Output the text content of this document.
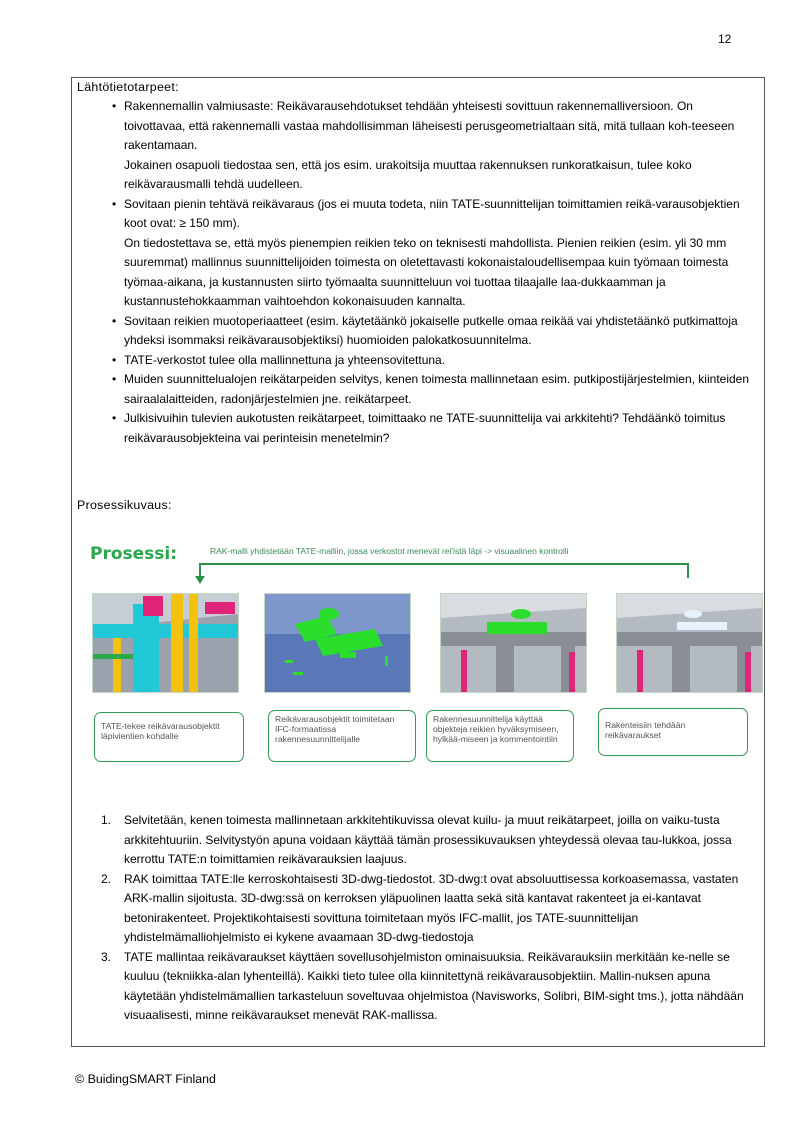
12
Lähtötietotarpeet:

• Rakennemallin valmiusaste: Reikävarausehdotukset tehdään yhteisesti sovittuun rakennemalliversioon. On toivottavaa, että rakennemalli vastaa mahdollisimman läheisesti perusgeometrialtaan sitä, mitä tullaan koh-teeseen rakentamaan.

Jokainen osapuoli tiedostaa sen, että jos esim. urakoitsija muuttaa rakennuksen runkoratkaisun, tulee koko reikävarausmalli tehdä uudelleen.

• Sovitaan pienin tehtävä reikävaraus (jos ei muuta todeta, niin TATE-suunnittelijan toimittamien reikä-varausobjektien koot ovat: ≥ 150 mm).

On tiedostettava se, että myös pienempien reikien teko on teknisesti mahdollista. Pienien reikien (esim. yli 30 mm suuremmat) mallinnus suunnittelijoiden toimesta on oletettavasti kokonaistaloudellisempaa kuin työmaan toimesta työmaa-aikana, ja kustannusten siirto työmaalta suunnitteluun voi tuottaa tilaajalle laa-dukkaamman ja kustannustehokkaamman vaihtoehdon kokonaisuuden kannalta.

• Sovitaan reikien muotoperiaatteet (esim. käytetäänkö jokaiselle putkelle omaa reikää vai yhdistetäänkö putkimattoja yhdeksi isommaksi reikävarausobjektiksi) huomioiden palokatkosuunnitelma.

• TATE-verkostot tulee olla mallinnettuna ja yhteensovitettuna.

• Muiden suunnittelualojen reikätarpeiden selvitys, kenen toimesta mallinnetaan esim. putkipostijärjestelmien, kiinteiden sairaalalaitteiden, radonjärjestelmien jne. reikätarpeet.

• Julkisivuihin tulevien aukotusten reikätarpeet, toimittaako ne TATE-suunnittelija vai arkkitehti? Tehdäänkö toimitus reikävarausobjekteina vai perinteisin menetelmin?

Prosessikuvaus:
Prosessi:	RAK-malli yhdistetään TATE-malliin, jossa verkostot menevät rei'istä läpi -> visuaalinen kontrolli
TATE-tekee reikävarausobjektit läpivientien kohdalle
Reikävarausobjektit toimitetaan IFC-formaatissa rakennesuunnittelijalle
Rakennesuunnittelija käyttää objekteja reikien hyväksymiseen, hylkää-miseen ja kommentointiin
Rakenteisiin tehdään reikävaraukset
1. Selvitetään, kenen toimesta mallinnetaan arkkitehtikuvissa olevat kuilu- ja muut reikätarpeet, joilla on vaiku-tusta arkkitehtuuriin. Selvitystyön apuna voidaan käyttää tämän prosessikuvauksen yhteydessä olevaa tau-lukkoa, jossa kerrottu TATE:n toimittamien reikävarauksien laajuus.
2. RAK toimittaa TATE:lle kerroskohtaisesti 3D-dwg-tiedostot. 3D-dwg:t ovat absoluuttisessa korkoasemassa, vastaten ARK-mallin sijoitusta. 3D-dwg:ssä on kerroksen yläpuolinen laatta sekä sitä kantavat rakenteet ja ei-kantavat betonirakenteet. Projektikohtaisesti sovittuna toimitetaan myös IFC-mallit, jos TATE-suunnittelijan yhdistelmämalliohjelmisto ei kykene avaamaan 3D-dwg-tiedostoja
3. TATE mallintaa reikävaraukset käyttäen sovellusohjelmiston ominaisuuksia. Reikävarauksiin merkitään ke-nelle se kuuluu (tekniikka-alan lyhenteillä). Kaikki tieto tulee olla kiinnitettynä reikävarausobjektiin. Mallin-nuksen apuna käytetään yhdistelmämallien tarkasteluun soveltuvaa ohjelmistoa (Navisworks, Solibri, BIM-sight tms.), jotta nähdään visuaalisesti, minne reikävaraukset menevät RAK-mallissa.
© BuidingSMART Finland
